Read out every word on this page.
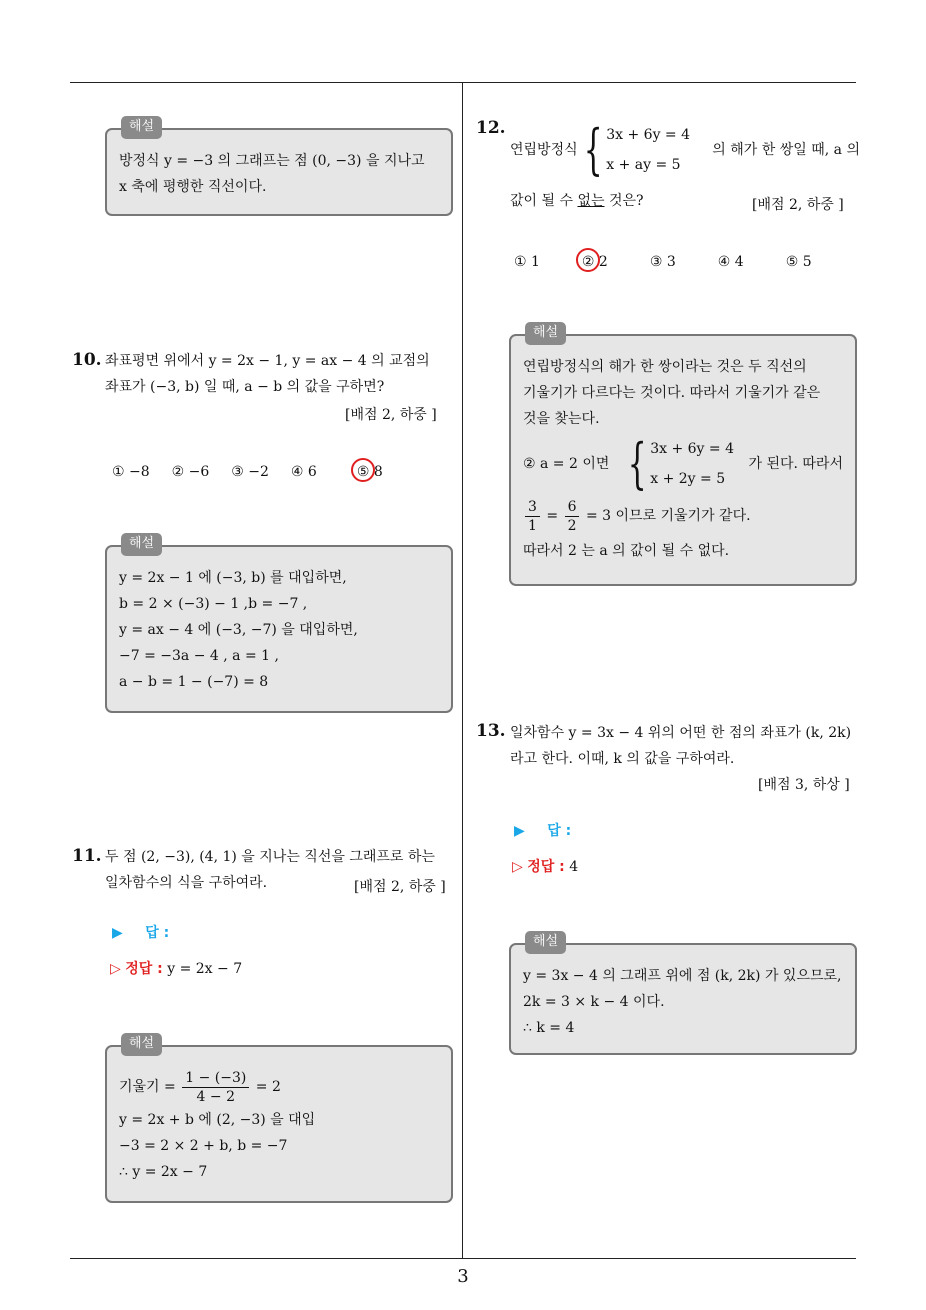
3
해설
방정식 y = −3 의 그래프는 점 (0, −3) 을 지나고
x 축에 평행한 직선이다.
10. 좌표평면 위에서 y = 2x − 1, y = ax − 4 의 교점의
좌표가 (−3, b) 일 때, a − b 의 값을 구하면?
[배점 2, 하중 ]
① −8 ② −6 ③ −2 ④ 6	⑤ 8
해설
y = 2x − 1 에 (−3, b) 를 대입하면,
b = 2 × (−3) − 1 ,b = −7 ,
y = ax − 4 에 (−3, −7) 을 대입하면,
−7 = −3a − 4 , a = 1 ,
a − b = 1 − (−7) = 8
11. 두 점 (2, −3), (4, 1) 을 지나는 직선을 그래프로 하는
일차함수의 식을 구하여라.	[배점 2, 하중 ]
▶ 답 :
▷ 정답 : y = 2x − 7
해설
기울기 = $\frac{1 - (-3)}{4 - 2} = 2$
y = 2x + b 에 (2, −3) 을 대입
−3 = 2 × 2 + b, b = −7
∴ y = 2x − 7
12.
연립방정식 { 3x + 6y = 4
x + ay = 5
의 해가 한 쌍일 때, a 의
값이 될 수 없는 것은?	[배점 2, 하중 ]
① 1	② 2	③ 3	④ 4	⑤ 5
해설
연립방정식의 해가 한 쌍이라는 것은 두 직선의
기울기가 다르다는 것이다. 따라서 기울기가 같은
것을 찾는다.
② a = 2 이면 { 3x + 6y = 4
x + 2y = 5
가 된다. 따라서
$\frac{3}{1} = \frac{6}{2} = 3$ 이므로 기울기가 같다.
따라서 2 는 a 의 값이 될 수 없다.
13. 일차함수 y = 3x − 4 위의 어떤 한 점의 좌표가 (k, 2k)
라고 한다. 이때, k 의 값을 구하여라.
[배점 3, 하상 ]
▶ 답 :
▷ 정답 : 4
해설
y = 3x − 4 의 그래프 위에 점 (k, 2k) 가 있으므로,
2k = 3 × k − 4 이다.
∴ k = 4
